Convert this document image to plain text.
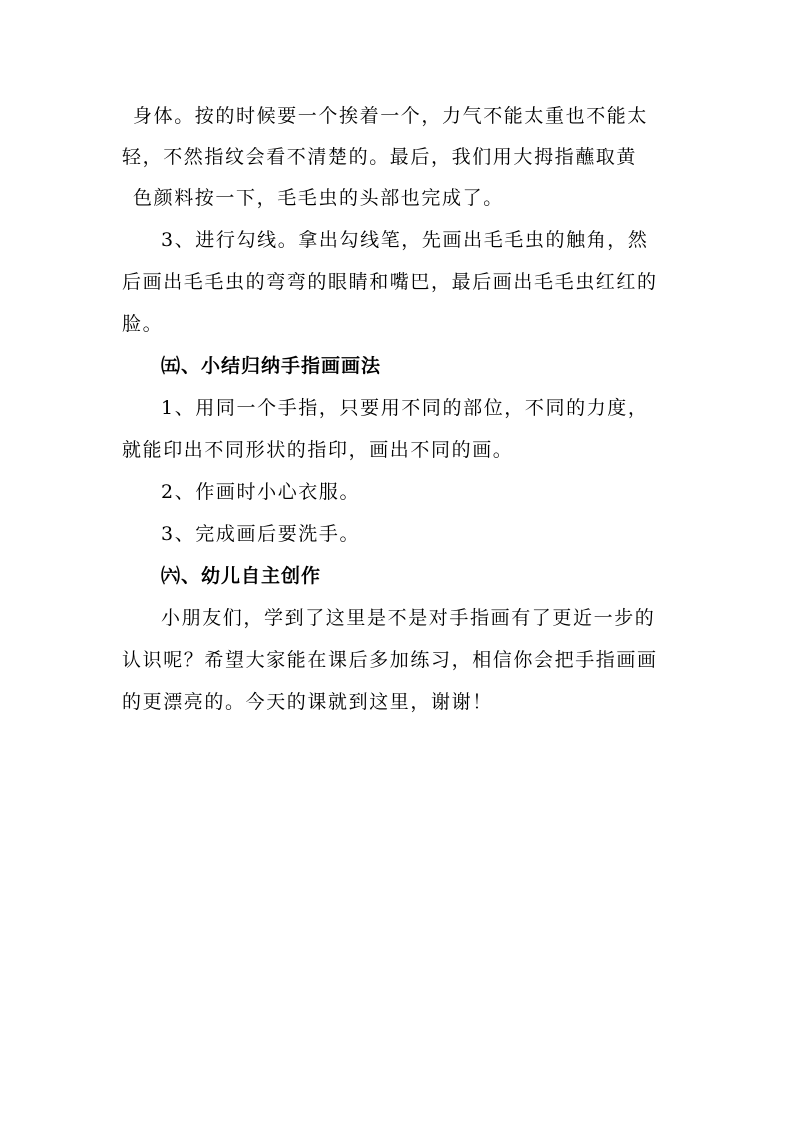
身体。按的时候要一个挨着一个，力气不能太重也不能太
轻，不然指纹会看不清楚的。最后，我们用大拇指蘸取黄
色颜料按一下，毛毛虫的头部也完成了。
3、进行勾线。拿出勾线笔，先画出毛毛虫的触角，然
后画出毛毛虫的弯弯的眼睛和嘴巴，最后画出毛毛虫红红的
脸。
㈤、小结归纳手指画画法
1、用同一个手指，只要用不同的部位，不同的力度，
就能印出不同形状的指印，画出不同的画。
2、作画时小心衣服。
3、完成画后要洗手。
㈥、幼儿自主创作
小朋友们，学到了这里是不是对手指画有了更近一步的
认识呢？希望大家能在课后多加练习，相信你会把手指画画
的更漂亮的。今天的课就到这里，谢谢！
